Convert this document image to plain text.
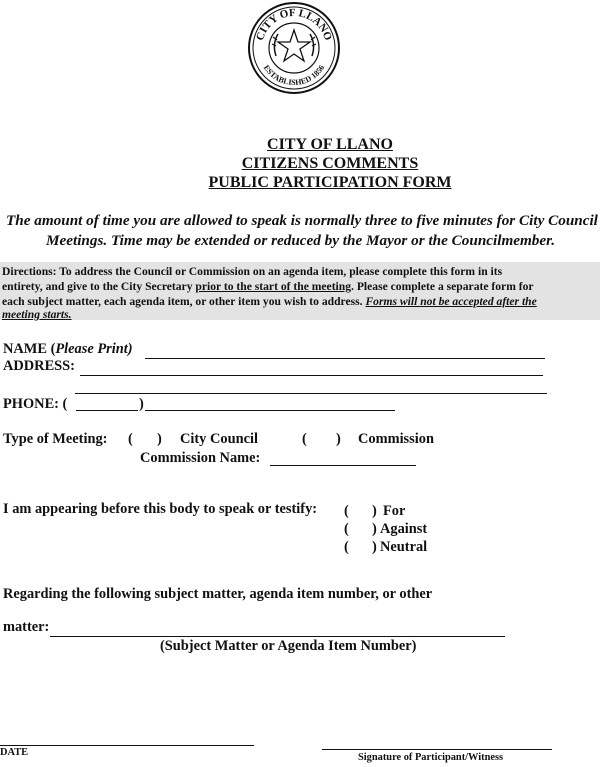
CITY OF LLANO
ESTABLISHED 1856
CITY OF LLANO
CITIZENS COMMENTS
PUBLIC PARTICIPATION FORM
The amount of time you are allowed to speak is normally three to five minutes for City Council
Meetings. Time may be extended or reduced by the Mayor or the Councilmember.
Directions: To address the Council or Commission on an agenda item, please complete this form in its
entirety, and give to the City Secretary prior to the start of the meeting. Please complete a separate form for
each subject matter, each agenda item, or other item you wish to address. Forms will not be accepted after the
meeting starts.
NAME (Please Print)
ADDRESS:
PHONE: (	)
Type of Meeting: ( ) City Council	( ) Commission
Commission Name:
I am appearing before this body to speak or testify: ( ) For
( ) Against
( ) Neutral
Regarding the following subject matter, agenda item number, or other
matter:
(Subject Matter or Agenda Item Number)
DATE	Signature of Participant/Witness
